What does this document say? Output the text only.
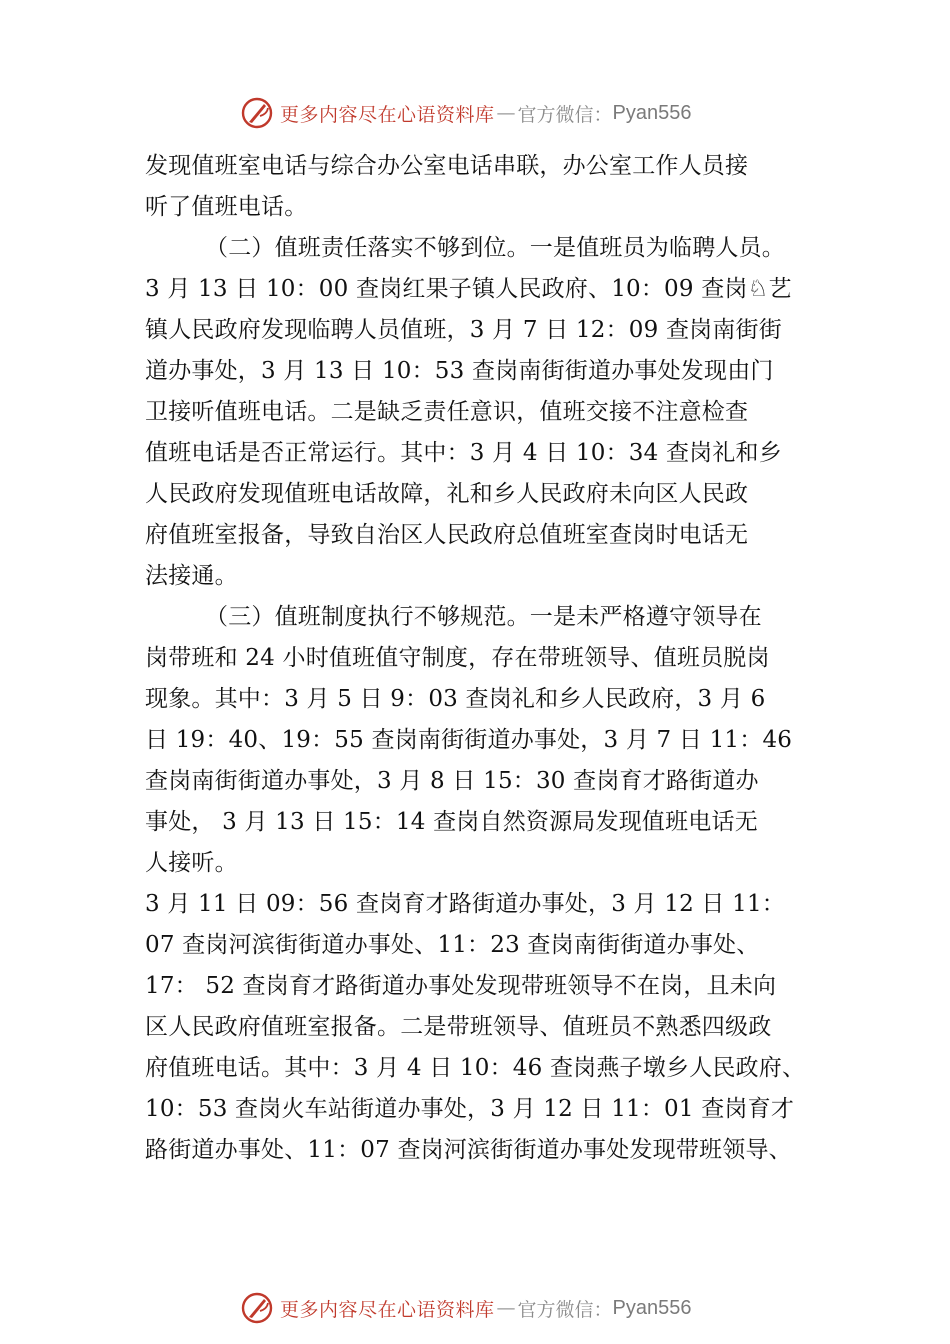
更多内容尽在心语资料库 — 官方微信： Pyan556
发现值班室电话与综合办公室电话串联，办公室工作人员接
听了值班电话。
（二）值班责任落实不够到位。一是值班员为临聘人员。
3 月 13 日 10：00 查岗红果子镇人民政府、10：09 查岗♘艺
镇人民政府发现临聘人员值班，3 月 7 日 12：09 查岗南街街
道办事处，3 月 13 日 10：53 查岗南街街道办事处发现由门
卫接听值班电话。二是缺乏责任意识，值班交接不注意检查
值班电话是否正常运行。其中：3 月 4 日 10：34 查岗礼和乡
人民政府发现值班电话故障，礼和乡人民政府未向区人民政
府值班室报备，导致自治区人民政府总值班室查岗时电话无
法接通。
（三）值班制度执行不够规范。一是未严格遵守领导在
岗带班和 24 小时值班值守制度，存在带班领导、值班员脱岗
现象。其中：3 月 5 日 9：03 查岗礼和乡人民政府，3 月 6
日 19：40、19：55 查岗南街街道办事处，3 月 7 日 11：46
查岗南街街道办事处，3 月 8 日 15：30 查岗育才路街道办
事处， 3 月 13 日 15：14 查岗自然资源局发现值班电话无
人接听。
3 月 11 日 09：56 查岗育才路街道办事处，3 月 12 日 11：
07 查岗河滨街街道办事处、11：23 查岗南街街道办事处、
17： 52 查岗育才路街道办事处发现带班领导不在岗，且未向
区人民政府值班室报备。二是带班领导、值班员不熟悉四级政
府值班电话。其中：3 月 4 日 10：46 查岗燕子墩乡人民政府、
10：53 查岗火车站街道办事处，3 月 12 日 11：01 查岗育才
路街道办事处、11：07 查岗河滨街街道办事处发现带班领导、
更多内容尽在心语资料库 — 官方微信： Pyan556
